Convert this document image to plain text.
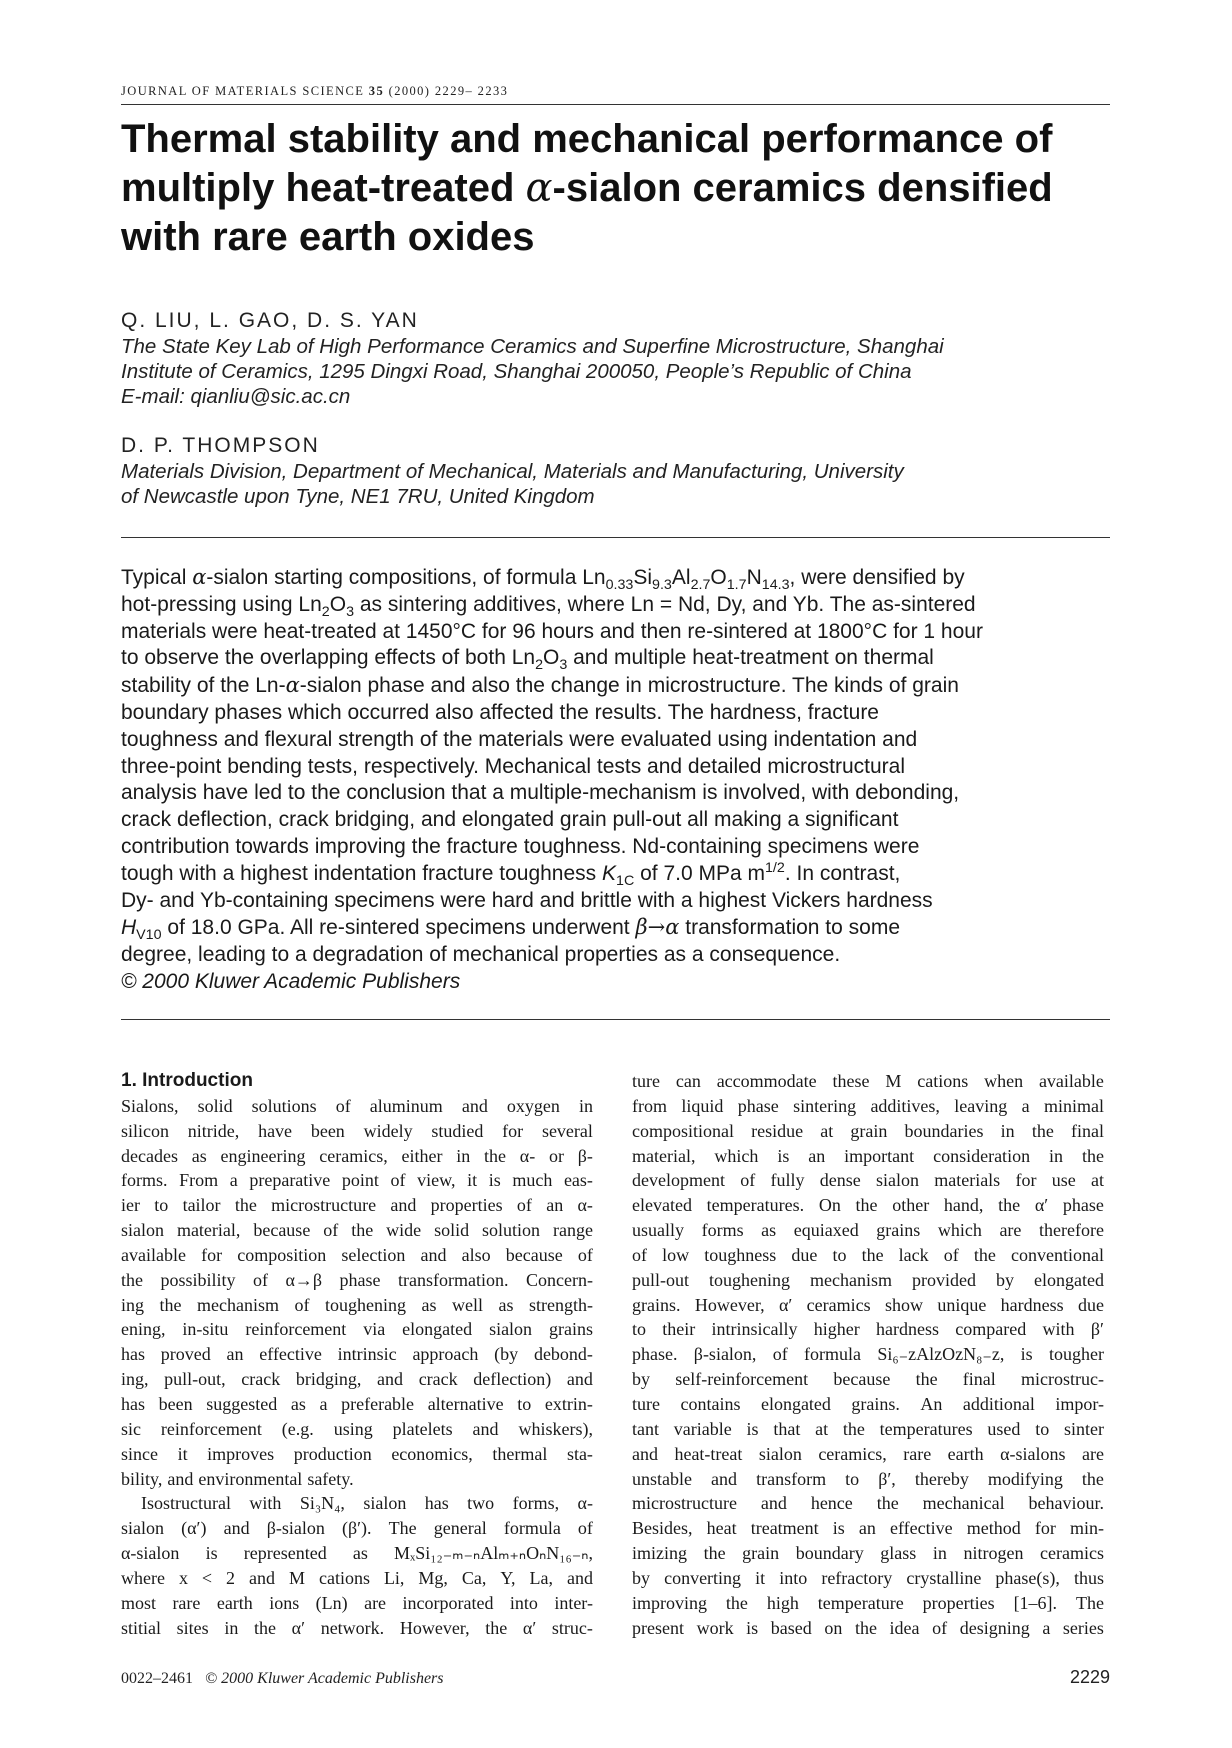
JOURNAL OF MATERIALS SCIENCE 35 (2000) 2229– 2233
Thermal stability and mechanical performance of
multiply heat-treated α-sialon ceramics densified
with rare earth oxides
Q. LIU, L. GAO, D. S. YAN
The State Key Lab of High Performance Ceramics and Superfine Microstructure, Shanghai
Institute of Ceramics, 1295 Dingxi Road, Shanghai 200050, People’s Republic of China
E-mail: qianliu@sic.ac.cn
D. P. THOMPSON
Materials Division, Department of Mechanical, Materials and Manufacturing, University
of Newcastle upon Tyne, NE1 7RU, United Kingdom
Typical α-sialon starting compositions, of formula $Ln_{0.33}Si_{9.3}Al_{2.7}O_{1.7}N_{14.3}$, were densified by
hot-pressing using $Ln_2O_3$ as sintering additives, where Ln = Nd, Dy, and Yb. The as-sintered
materials were heat-treated at 1450°C for 96 hours and then re-sintered at 1800°C for 1 hour
to observe the overlapping effects of both $Ln_2O_3$ and multiple heat-treatment on thermal
stability of the Ln-α-sialon phase and also the change in microstructure. The kinds of grain
boundary phases which occurred also affected the results. The hardness, fracture
toughness and flexural strength of the materials were evaluated using indentation and
three-point bending tests, respectively. Mechanical tests and detailed microstructural
analysis have led to the conclusion that a multiple-mechanism is involved, with debonding,
crack deflection, crack bridging, and elongated grain pull-out all making a significant
contribution towards improving the fracture toughness. Nd-containing specimens were
tough with a highest indentation fracture toughness $K_{1C}$ of 7.0 MPa $m^{1/2}$. In contrast,
Dy- and Yb-containing specimens were hard and brittle with a highest Vickers hardness
$H_{V10}$ of 18.0 GPa. All re-sintered specimens underwent β→α transformation to some
degree, leading to a degradation of mechanical properties as a consequence.
© 2000 Kluwer Academic Publishers
1. Introduction
Sialons, solid solutions of aluminum and oxygen in
silicon nitride, have been widely studied for several
decades as engineering ceramics, either in the α- or β-
forms. From a preparative point of view, it is much eas-
ier to tailor the microstructure and properties of an α-
sialon material, because of the wide solid solution range
available for composition selection and also because of
the possibility of α→β phase transformation. Concern-
ing the mechanism of toughening as well as strength-
ening, in-situ reinforcement via elongated sialon grains
has proved an effective intrinsic approach (by debond-
ing, pull-out, crack bridging, and crack deflection) and
has been suggested as a preferable alternative to extrin-
sic reinforcement (e.g. using platelets and whiskers),
since it improves production economics, thermal sta-
bility, and environmental safety.
Isostructural with Si₃N₄, sialon has two forms, α-
sialon (α′) and β-sialon (β′). The general formula of
α-sialon is represented as MₓSi₁₂₋ₘ₋ₙAlₘ₊ₙOₙN₁₆₋ₙ,
where x < 2 and M cations Li, Mg, Ca, Y, La, and
most rare earth ions (Ln) are incorporated into inter-
stitial sites in the α′ network. However, the α′ struc-
ture can accommodate these M cations when available
from liquid phase sintering additives, leaving a minimal
compositional residue at grain boundaries in the final
material, which is an important consideration in the
development of fully dense sialon materials for use at
elevated temperatures. On the other hand, the α′ phase
usually forms as equiaxed grains which are therefore
of low toughness due to the lack of the conventional
pull-out toughening mechanism provided by elongated
grains. However, α′ ceramics show unique hardness due
to their intrinsically higher hardness compared with β′
phase. β-sialon, of formula Si₆₋zAlzOzN₈₋z, is tougher
by self-reinforcement because the final microstruc-
ture contains elongated grains. An additional impor-
tant variable is that at the temperatures used to sinter
and heat-treat sialon ceramics, rare earth α-sialons are
unstable and transform to β′, thereby modifying the
microstructure and hence the mechanical behaviour.
Besides, heat treatment is an effective method for min-
imizing the grain boundary glass in nitrogen ceramics
by converting it into refractory crystalline phase(s), thus
improving the high temperature properties [1–6]. The
present work is based on the idea of designing a series
0022–2461 © 2000 Kluwer Academic Publishers	2229
